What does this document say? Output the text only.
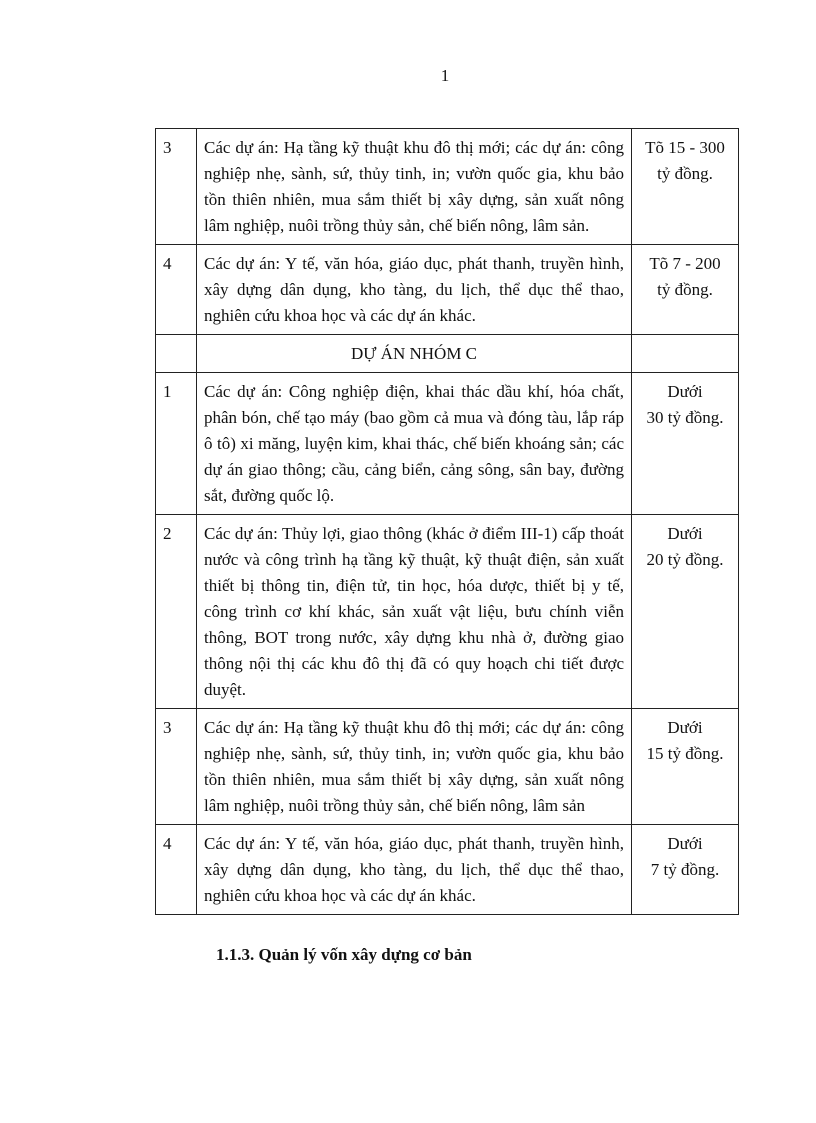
1
3	Các dự án: Hạ tầng kỹ thuật khu đô thị mới; các dự án: công nghiệp nhẹ, sành, sứ, thủy tinh, in; vườn quốc gia, khu bảo tồn thiên nhiên, mua sắm thiết bị xây dựng, sản xuất nông lâm nghiệp, nuôi trồng thủy sản, chế biến nông, lâm sản.	Tõ 15 - 300
tỷ đồng.
4	Các dự án: Y tế, văn hóa, giáo dục, phát thanh, truyền hình, xây dựng dân dụng, kho tàng, du lịch, thể dục thể thao, nghiên cứu khoa học và các dự án khác.	Tõ 7 - 200
tỷ đồng.
	DỰ ÁN NHÓM C	
1	Các dự án: Công nghiệp điện, khai thác dầu khí, hóa chất, phân bón, chế tạo máy (bao gồm cả mua và đóng tàu, lắp ráp ô tô) xi măng, luyện kim, khai thác, chế biến khoáng sản; các dự án giao thông; cầu, cảng biển, cảng sông, sân bay, đường sắt, đường quốc lộ.	Dưới
30 tỷ đồng.
2	Các dự án: Thủy lợi, giao thông (khác ở điểm III-1) cấp thoát nước và công trình hạ tầng kỹ thuật, kỹ thuật điện, sản xuất thiết bị thông tin, điện tử, tin học, hóa dược, thiết bị y tế, công trình cơ khí khác, sản xuất vật liệu, bưu chính viễn thông, BOT trong nước, xây dựng khu nhà ở, đường giao thông nội thị các khu đô thị đã có quy hoạch chi tiết được duyệt.	Dưới
20 tỷ đồng.
3	Các dự án: Hạ tầng kỹ thuật khu đô thị mới; các dự án: công nghiệp nhẹ, sành, sứ, thủy tinh, in; vườn quốc gia, khu bảo tồn thiên nhiên, mua sắm thiết bị xây dựng, sản xuất nông lâm nghiệp, nuôi trồng thủy sản, chế biến nông, lâm sản	Dưới
15 tỷ đồng.
4	Các dự án: Y tế, văn hóa, giáo dục, phát thanh, truyền hình, xây dựng dân dụng, kho tàng, du lịch, thể dục thể thao, nghiên cứu khoa học và các dự án khác.	Dưới
7 tỷ đồng.
1.1.3. Quản lý vốn xây dựng cơ bản
